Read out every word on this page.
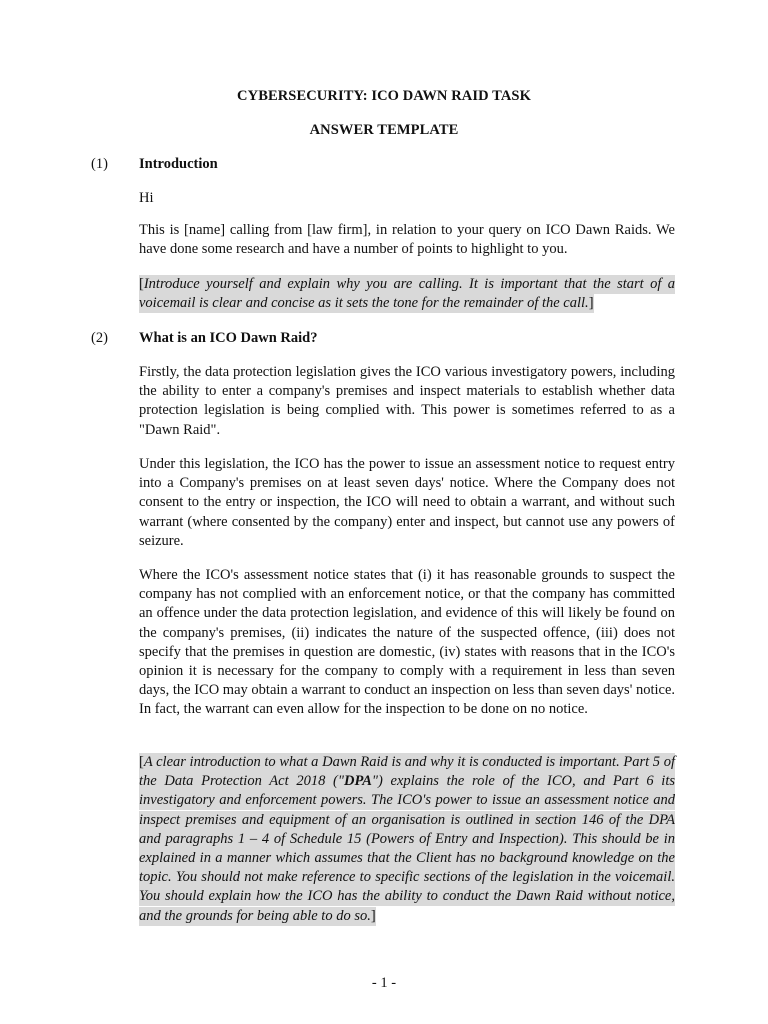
CYBERSECURITY: ICO DAWN RAID TASK
ANSWER TEMPLATE
(1) Introduction
Hi
This is [name] calling from [law firm], in relation to your query on ICO Dawn Raids. We have done some research and have a number of points to highlight to you.
[Introduce yourself and explain why you are calling. It is important that the start of a voicemail is clear and concise as it sets the tone for the remainder of the call.]
(2) What is an ICO Dawn Raid?
Firstly, the data protection legislation gives the ICO various investigatory powers, including the ability to enter a company's premises and inspect materials to establish whether data protection legislation is being complied with. This power is sometimes referred to as a "Dawn Raid".
Under this legislation, the ICO has the power to issue an assessment notice to request entry into a Company's premises on at least seven days' notice. Where the Company does not consent to the entry or inspection, the ICO will need to obtain a warrant, and without such warrant (where consented by the company) enter and inspect, but cannot use any powers of seizure.
Where the ICO's assessment notice states that (i) it has reasonable grounds to suspect the company has not complied with an enforcement notice, or that the company has committed an offence under the data protection legislation, and evidence of this will likely be found on the company's premises, (ii) indicates the nature of the suspected offence, (iii) does not specify that the premises in question are domestic, (iv) states with reasons that in the ICO's opinion it is necessary for the company to comply with a requirement in less than seven days, the ICO may obtain a warrant to conduct an inspection on less than seven days' notice. In fact, the warrant can even allow for the inspection to be done on no notice.
[A clear introduction to what a Dawn Raid is and why it is conducted is important. Part 5 of the Data Protection Act 2018 ("DPA") explains the role of the ICO, and Part 6 its investigatory and enforcement powers. The ICO's power to issue an assessment notice and inspect premises and equipment of an organisation is outlined in section 146 of the DPA and paragraphs 1 – 4 of Schedule 15 (Powers of Entry and Inspection). This should be in explained in a manner which assumes that the Client has no background knowledge on the topic. You should not make reference to specific sections of the legislation in the voicemail. You should explain how the ICO has the ability to conduct the Dawn Raid without notice, and the grounds for being able to do so.]
- 1 -
